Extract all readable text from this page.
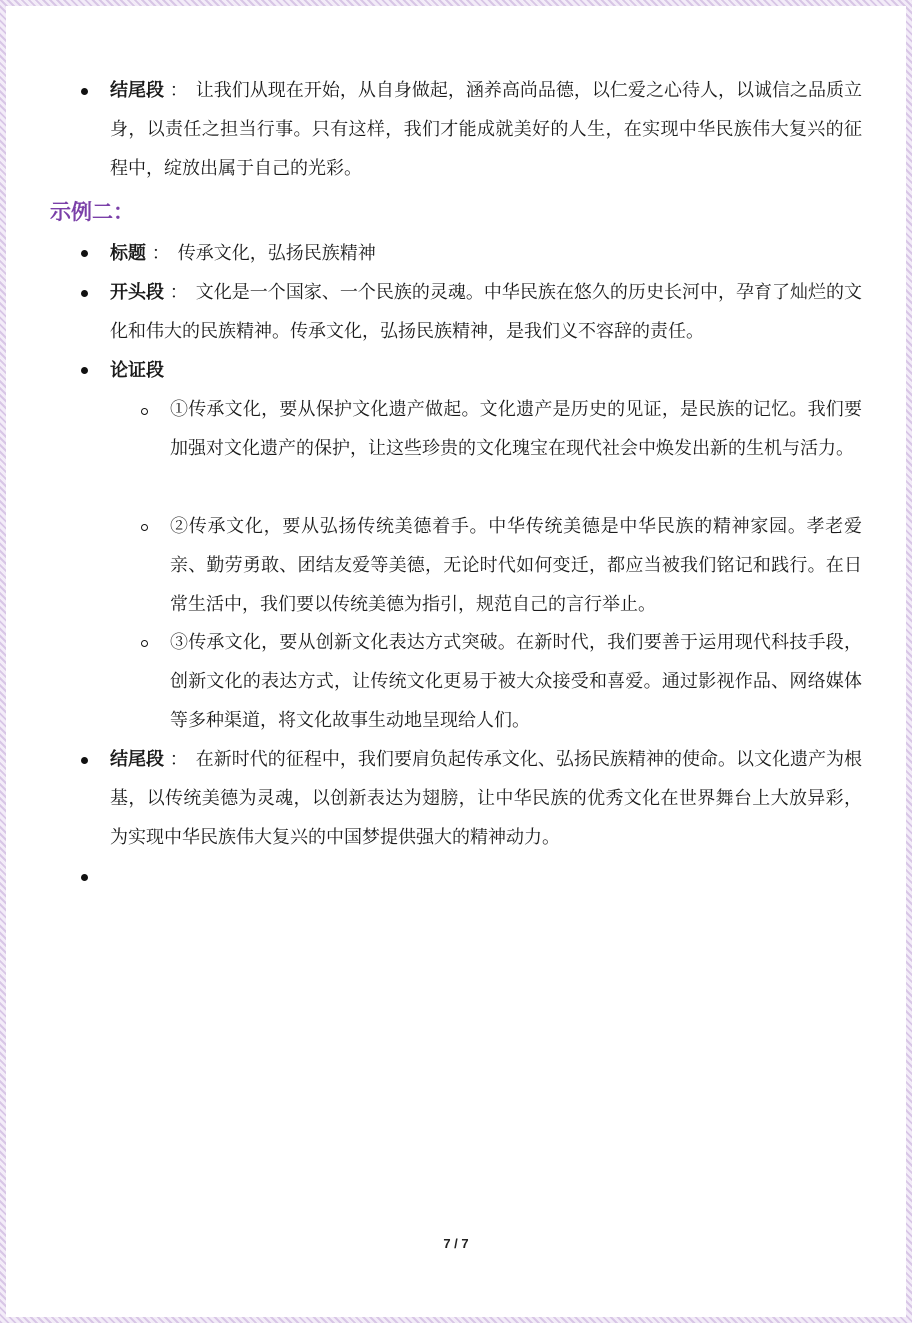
结尾段 ： 让我们从现在开始，从自身做起，涵养高尚品德，以仁爱之心待人，以诚信之品质立身，以责任之担当行事。只有这样，我们才能成就美好的人生，在实现中华民族伟大复兴的征程中，绽放出属于自己的光彩。
示例二：
标题 ： 传承文化，弘扬民族精神
开头段 ： 文化是一个国家、一个民族的灵魂。中华民族在悠久的历史长河中，孕育了灿烂的文化和伟大的民族精神。传承文化，弘扬民族精神，是我们义不容辞的责任。
论证段
①传承文化，要从保护文化遗产做起。文化遗产是历史的见证，是民族的记忆。我们要加强对文化遗产的保护，让这些珍贵的文化瑰宝在现代社会中焕发出新的生机与活力。
②传承文化，要从弘扬传统美德着手。中华传统美德是中华民族的精神家园。孝老爱亲、勤劳勇敢、团结友爱等美德，无论时代如何变迁，都应当被我们铭记和践行。在日常生活中，我们要以传统美德为指引，规范自己的言行举止。
③传承文化，要从创新文化表达方式突破。在新时代，我们要善于运用现代科技手段，创新文化的表达方式，让传统文化更易于被大众接受和喜爱。通过影视作品、网络媒体等多种渠道，将文化故事生动地呈现给人们。
结尾段 ： 在新时代的征程中，我们要肩负起传承文化、弘扬民族精神的使命。以文化遗产为根基，以传统美德为灵魂，以创新表达为翅膀，让中华民族的优秀文化在世界舞台上大放异彩，为实现中华民族伟大复兴的中国梦提供强大的精神动力。
7 / 7
